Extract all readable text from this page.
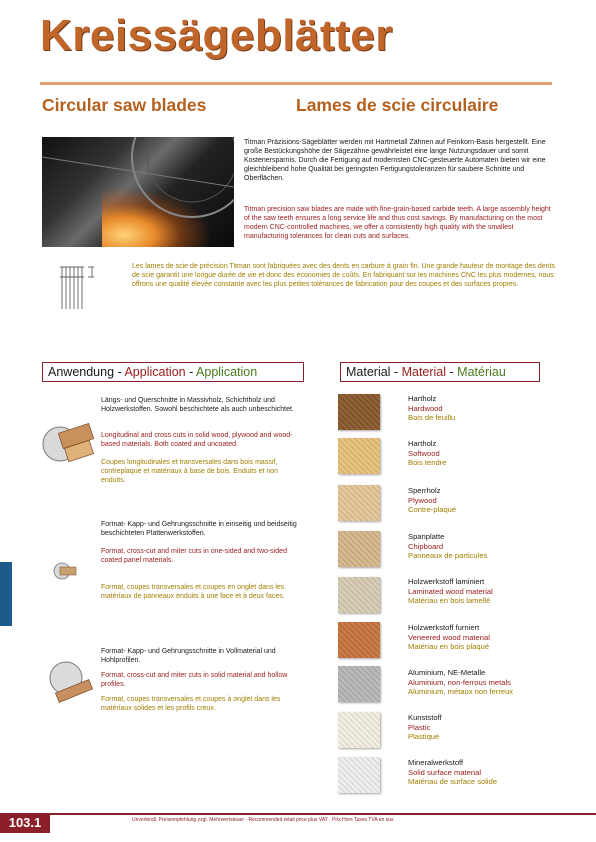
Kreissägeblätter
Circular saw blades	Lames de scie circulaire
Titman Präzisions-Sägeblätter werden mit Hartmetall Zähnen auf Feinkorn-Basis hergestellt. Eine große Bestückungshöhe der Sägezähne gewährleistet eine lange Nutzungsdauer und somit Kostenersparnis. Durch die Fertigung auf modernsten CNC-gesteuerte Automaten bieten wir eine gleichbleibend hohe Qualität bei geringsten Fertigungstoleranzen für saubere Schnitte und Oberflächen.
Titman precision saw blades are made with fine-grain-based carbide teeth. A large assembly height of the saw teeth ensures a long service life and thus cost savings. By manufacturing on the most modern CNC-controlled machines, we offer a consistently high quality with the smallest manufacturing tolerances for clean cuts and surfaces.
Les lames de scie de précision Titman sont fabriquées avec des dents en carbure à grain fin. Une grande hauteur de montage des dents de scie garantit une longue durée de vie et donc des économies de coûts. En fabriquant sur les machines CNC les plus modernes, nous offrons une qualité élevée constante avec les plus petites tolérances de fabrication pour des coupes et des surfaces propres.
Anwendung - Application - Application	Material - Material - Matériau
Längs- und Querschnitte in Massivholz, Schichtholz und Holzwerkstoffen. Sowohl beschichtete als auch unbeschichtet.
Longitudinal and cross cuts in solid wood, plywood and wood-based materials. Both coated and uncoated.
Coupes longitudinales et transversales dans bois massif, contreplaqué et matériaux à base de bois. Enduits et non enduits.
Format- Kapp- und Gehrungsschnitte in einseitig und beidseitig beschichteten Plattenwerkstoffen.
Format, cross-cut and miter cuts in one-sided and two-sided coated panel materials.
Format, coupes transversales et coupes en onglet dans les matériaux de panneaux enduits à une face et à deux faces.
Format- Kapp- und Gehrungsschnitte in Vollmaterial und Hohlprofilen.
Format, cross-cut and miter cuts in solid material and hollow profiles.
Format, coupes transversales et coupes à onglet dans les matériaux solides et les profils creux.
Hartholz
Hardwood
Bois de feuillu
Hartholz
Softwood
Bois tendre
Sperrholz
Plywood
Contre-plaqué
Spanplatte
Chipboard
Panneaux de particules
Holzwerkstoff laminiert
Laminated wood material
Matériau en bois lamellé
Holzwerkstoff furniert
Veneered wood material
Matériau en bois plaqué
Aluminium, NE-Metalle
Aluminium, non-ferrous metals
Aluminium, métaux non ferreux
Kunststoff
Plastic
Plastique
Mineralwerkstoff
Solid surface material
Matériau de surface solide
103.1	Unverbindl. Preisempfehlung zzgl. Mehrwertsteuer · Recommended retail price plus VAT · Prix Hors Taxes TVA en sus
